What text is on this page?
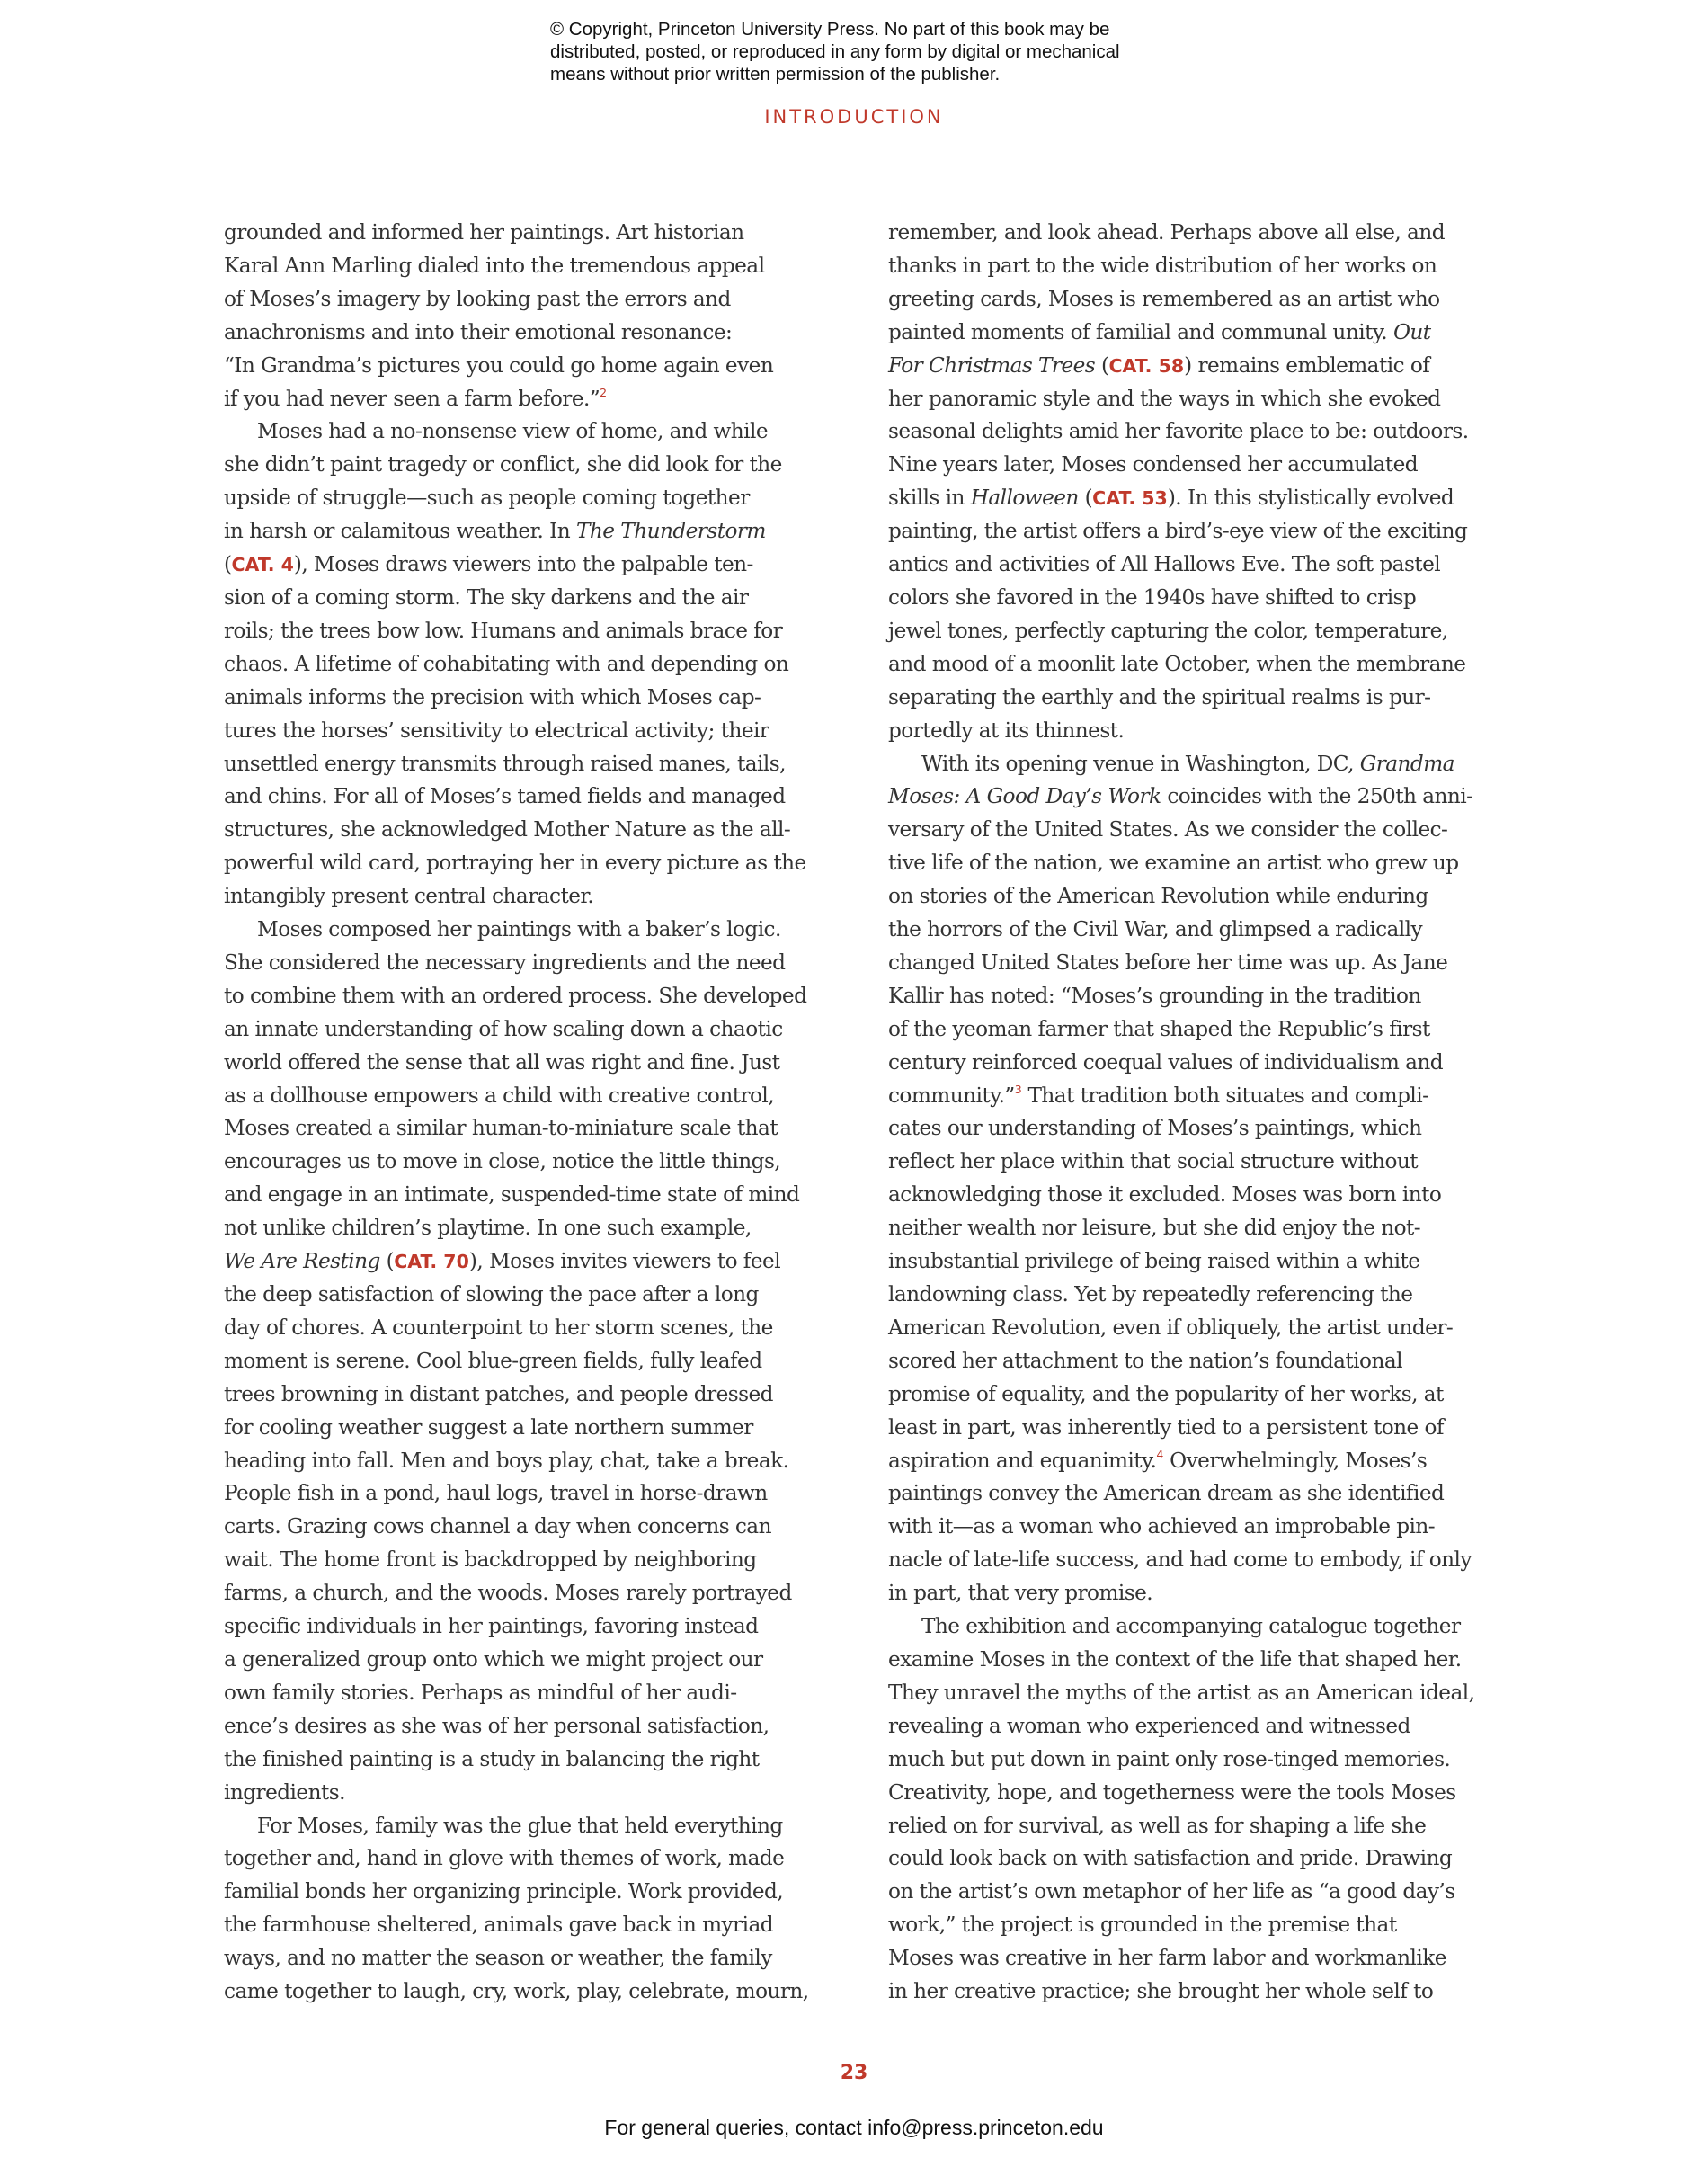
© Copyright, Princeton University Press. No part of this book may be
distributed, posted, or reproduced in any form by digital or mechanical
means without prior written permission of the publisher.
INTRODUCTION
grounded and informed her paintings. Art historian
Karal Ann Marling dialed into the tremendous appeal
of Moses’s imagery by looking past the errors and
anachronisms and into their emotional resonance:
“In Grandma’s pictures you could go home again even
if you had never seen a farm before.”$^2$
Moses had a no-nonsense view of home, and while
she didn’t paint tragedy or conflict, she did look for the
upside of struggle—such as people coming together
in harsh or calamitous weather. In The Thunderstorm
(CAT. 4), Moses draws viewers into the palpable ten-
sion of a coming storm. The sky darkens and the air
roils; the trees bow low. Humans and animals brace for
chaos. A lifetime of cohabitating with and depending on
animals informs the precision with which Moses cap-
tures the horses’ sensitivity to electrical activity; their
unsettled energy transmits through raised manes, tails,
and chins. For all of Moses’s tamed fields and managed
structures, she acknowledged Mother Nature as the all-
powerful wild card, portraying her in every picture as the
intangibly present central character.
Moses composed her paintings with a baker’s logic.
She considered the necessary ingredients and the need
to combine them with an ordered process. She developed
an innate understanding of how scaling down a chaotic
world offered the sense that all was right and fine. Just
as a dollhouse empowers a child with creative control,
Moses created a similar human-to-miniature scale that
encourages us to move in close, notice the little things,
and engage in an intimate, suspended-time state of mind
not unlike children’s playtime. In one such example,
We Are Resting (CAT. 70), Moses invites viewers to feel
the deep satisfaction of slowing the pace after a long
day of chores. A counterpoint to her storm scenes, the
moment is serene. Cool blue-green fields, fully leafed
trees browning in distant patches, and people dressed
for cooling weather suggest a late northern summer
heading into fall. Men and boys play, chat, take a break.
People fish in a pond, haul logs, travel in horse-drawn
carts. Grazing cows channel a day when concerns can
wait. The home front is backdropped by neighboring
farms, a church, and the woods. Moses rarely portrayed
specific individuals in her paintings, favoring instead
a generalized group onto which we might project our
own family stories. Perhaps as mindful of her audi-
ence’s desires as she was of her personal satisfaction,
the finished painting is a study in balancing the right
ingredients.
For Moses, family was the glue that held everything
together and, hand in glove with themes of work, made
familial bonds her organizing principle. Work provided,
the farmhouse sheltered, animals gave back in myriad
ways, and no matter the season or weather, the family
came together to laugh, cry, work, play, celebrate, mourn,
remember, and look ahead. Perhaps above all else, and
thanks in part to the wide distribution of her works on
greeting cards, Moses is remembered as an artist who
painted moments of familial and communal unity. Out
For Christmas Trees (CAT. 58) remains emblematic of
her panoramic style and the ways in which she evoked
seasonal delights amid her favorite place to be: outdoors.
Nine years later, Moses condensed her accumulated
skills in Halloween (CAT. 53). In this stylistically evolved
painting, the artist offers a bird’s-eye view of the exciting
antics and activities of All Hallows Eve. The soft pastel
colors she favored in the 1940s have shifted to crisp
jewel tones, perfectly capturing the color, temperature,
and mood of a moonlit late October, when the membrane
separating the earthly and the spiritual realms is pur-
portedly at its thinnest.
With its opening venue in Washington, DC, Grandma
Moses: A Good Day’s Work coincides with the 250th anni-
versary of the United States. As we consider the collec-
tive life of the nation, we examine an artist who grew up
on stories of the American Revolution while enduring
the horrors of the Civil War, and glimpsed a radically
changed United States before her time was up. As Jane
Kallir has noted: “Moses’s grounding in the tradition
of the yeoman farmer that shaped the Republic’s first
century reinforced coequal values of individualism and
community.”$^3$ That tradition both situates and compli-
cates our understanding of Moses’s paintings, which
reflect her place within that social structure without
acknowledging those it excluded. Moses was born into
neither wealth nor leisure, but she did enjoy the not-
insubstantial privilege of being raised within a white
landowning class. Yet by repeatedly referencing the
American Revolution, even if obliquely, the artist under-
scored her attachment to the nation’s foundational
promise of equality, and the popularity of her works, at
least in part, was inherently tied to a persistent tone of
aspiration and equanimity.$^4$ Overwhelmingly, Moses’s
paintings convey the American dream as she identified
with it—as a woman who achieved an improbable pin-
nacle of late-life success, and had come to embody, if only
in part, that very promise.
The exhibition and accompanying catalogue together
examine Moses in the context of the life that shaped her.
They unravel the myths of the artist as an American ideal,
revealing a woman who experienced and witnessed
much but put down in paint only rose-tinged memories.
Creativity, hope, and togetherness were the tools Moses
relied on for survival, as well as for shaping a life she
could look back on with satisfaction and pride. Drawing
on the artist’s own metaphor of her life as “a good day’s
work,” the project is grounded in the premise that
Moses was creative in her farm labor and workmanlike
in her creative practice; she brought her whole self to
23
For general queries, contact info@press.princeton.edu
